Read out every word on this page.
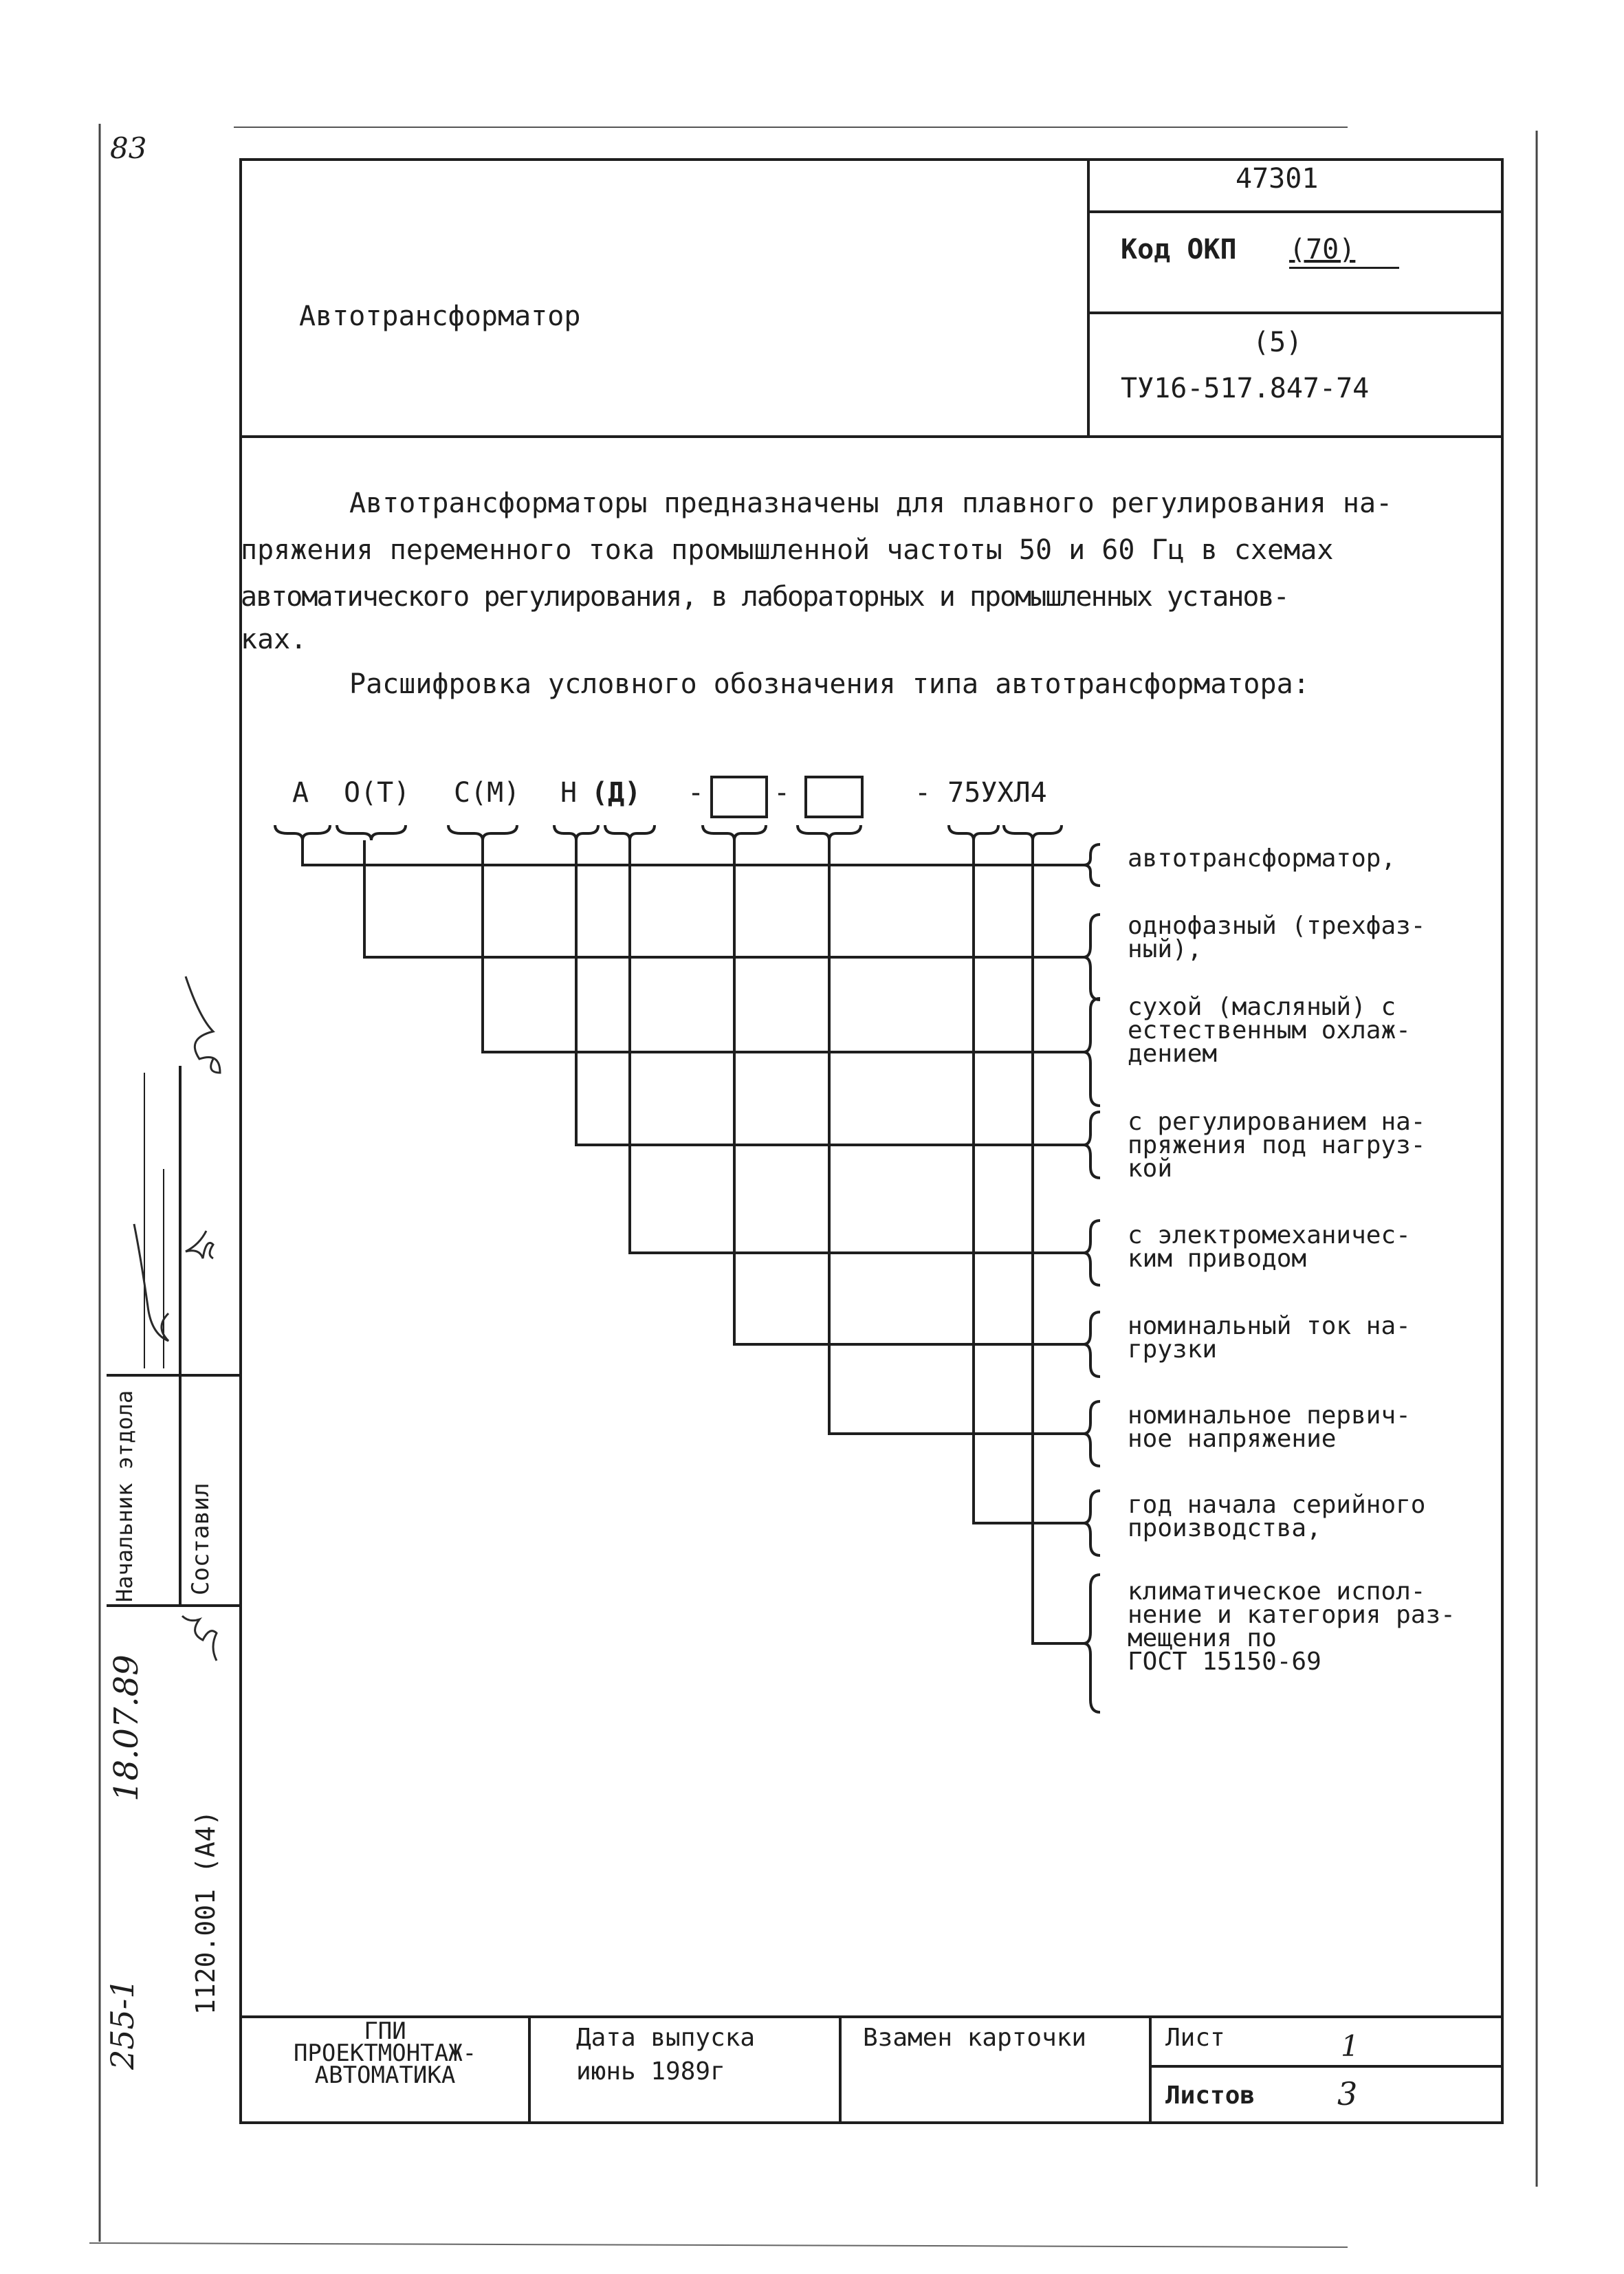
83
Автотрансформатор
47301
Код ОКП (70)
(5)
ТУ16-517.847-74
Автотрансформаторы предназначены для плавного регулирования на-
пряжения переменного тока промышленной частоты 50 и 60 Гц в схемах
автоматического регулирования, в лабораторных и промышленных установ-
ках.
Расшифровка условного обозначения типа автотрансформатора:
А О(Т) С(М) Н (Д) -	-	- 75УХЛ4
автотрансформатор,
однофазный (трехфаз-
ный),
сухой (масляный) с
естественным охлаж-
дением
с регулированием на-
пряжения под нагруз-
кой
с электромеханичес-
ким приводом
номинальный ток на-
грузки
номинальное первич-
ное напряжение
год начала серийного
производства,
климатическое испол-
нение и категория раз-
мещения по
ГОСТ 15150-69
Начальник этдола Составил
1120.001 (А4)
18.07.89
255-1	ГПИ
ПРОЕКТМОНТАЖ-
АВТОМАТИКА
Дата выпуска
июнь 1989г
Взамен карточки	Лист	1
Листов	3
